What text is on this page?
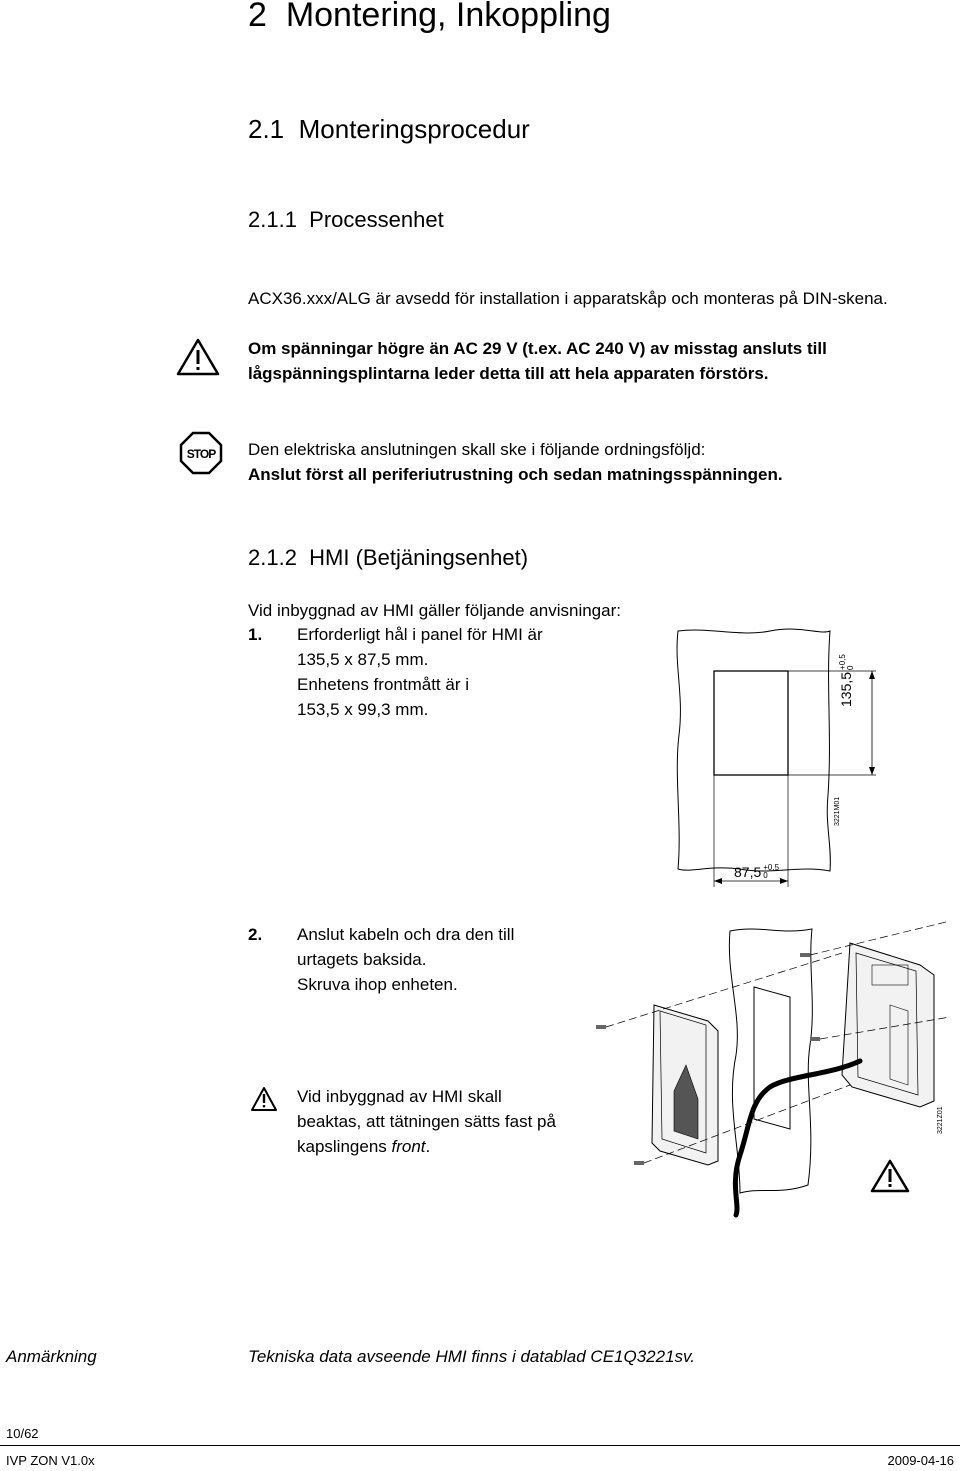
2 Montering, Inkoppling
2.1 Monteringsprocedur
2.1.1 Processenhet
ACX36.xxx/ALG är avsedd för installation i apparatskåp och monteras på DIN-skena.
Om spänningar högre än AC 29 V (t.ex. AC 240 V) av misstag ansluts till
lågspänningsplintarna leder detta till att hela apparaten förstörs.
STOP Den elektriska anslutningen skall ske i följande ordningsföljd:
Anslut först all periferiutrustning och sedan matningsspänningen.
2.1.2 HMI (Betjäningsenhet)
Vid inbyggnad av HMI gäller följande anvisningar:
1. Erforderligt hål i panel för HMI är
135,5 x 87,5 mm.
Enhetens frontmått är i
153,5 x 99,3 mm.
135,5
+0,5 0
3221M01
87,5 +0,5
0
2. Anslut kabeln och dra den till
urtagets baksida.
Skruva ihop enheten.
3221Z01
Vid inbyggnad av HMI skall
beaktas, att tätningen sätts fast på
kapslingens front.
Anmärkning	Tekniska data avseende HMI finns i datablad CE1Q3221sv.
10/62
IVP ZON V1.0x	2009-04-16
